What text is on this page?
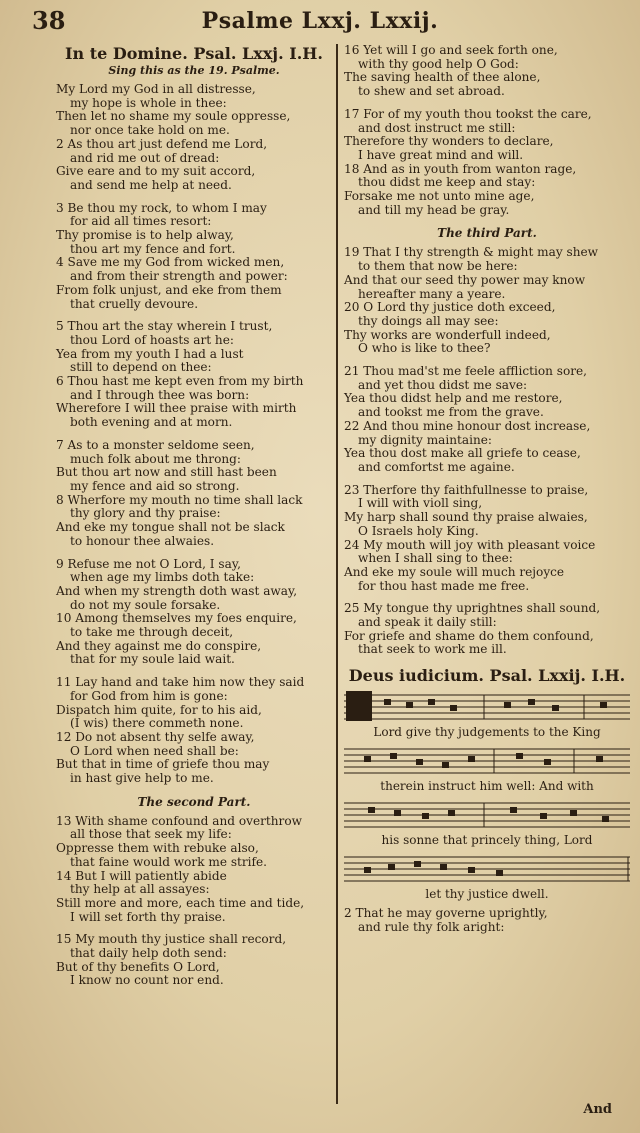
38	Psalme Lxxj. Lxxij.

In te Domine. Psal. Lxxj. I.H.

Sing this as the 19. Psalme.

My Lord my God in all distresse,
my hope is whole in thee:
Then let no shame my soule oppresse,
nor once take hold on me.
2 As thou art just defend me Lord,
and rid me out of dread:
Give eare and to my suit accord,
and send me help at need.
3 Be thou my rock, to whom I may
for aid all times resort:
Thy promise is to help alway,
thou art my fence and fort.
4 Save me my God from wicked men,
and from their strength and power:
From folk unjust, and eke from them
that cruelly devoure.
5 Thou art the stay wherein I trust,
thou Lord of hoasts art he:
Yea from my youth I had a lust
still to depend on thee:
6 Thou hast me kept even from my birth
and I through thee was born:
Wherefore I will thee praise with mirth
both evening and at morn.
7 As to a monster seldome seen,
much folk about me throng:
But thou art now and still hast been
my fence and aid so strong.
8 Wherfore my mouth no time shall lack
thy glory and thy praise:
And eke my tongue shall not be slack
to honour thee alwaies.
9 Refuse me not O Lord, I say,
when age my limbs doth take:
And when my strength doth wast away,
do not my soule forsake.
10 Among themselves my foes enquire,
to take me through deceit,
And they against me do conspire,
that for my soule laid wait.
11 Lay hand and take him now they said
for God from him is gone:
Dispatch him quite, for to his aid,
(I wis) there commeth none.
12 Do not absent thy selfe away,
O Lord when need shall be:
But that in time of griefe thou may
in hast give help to me.

The second Part.

13 With shame confound and overthrow
all those that seek my life:
Oppresse them with rebuke also,
that faine would work me strife.
14 But I will patiently abide
thy help at all assayes:
Still more and more, each time and tide,
I will set forth thy praise.
15 My mouth thy justice shall record,
that daily help doth send:
But of thy benefits O Lord,
I know no count nor end.
16 Yet will I go and seek forth one,
with thy good help O God:
The saving health of thee alone,
to shew and set abroad.
17 For of my youth thou tookst the care,
and dost instruct me still:
Therefore thy wonders to declare,
I have great mind and will.
18 And as in youth from wanton rage,
thou didst me keep and stay:
Forsake me not unto mine age,
and till my head be gray.

The third Part.

19 That I thy strength & might may shew
to them that now be here:
And that our seed thy power may know
hereafter many a yeare.
20 O Lord thy justice doth exceed,
thy doings all may see:
Thy works are wonderfull indeed,
O who is like to thee?
21 Thou mad'st me feele affliction sore,
and yet thou didst me save:
Yea thou didst help and me restore,
and tookst me from the grave.
22 And thou mine honour dost increase,
my dignity maintaine:
Yea thou dost make all griefe to cease,
and comfortst me againe.
23 Therfore thy faithfullnesse to praise,
I will with violl sing,
My harp shall sound thy praise alwaies,
O Israels holy King.
24 My mouth will joy with pleasant voice
when I shall sing to thee:
And eke my soule will much rejoyce
for thou hast made me free.
25 My tongue thy uprightnes shall sound,
and speak it daily still:
For griefe and shame do them confound,
that seek to work me ill.

Deus iudicium. Psal. Lxxij. I.H.

Lord give thy judgements to the King
therein instruct him well: And with
his sonne that princely thing, Lord
let thy justice dwell.
2 That he may governe uprightly,
and rule thy folk aright:
And
